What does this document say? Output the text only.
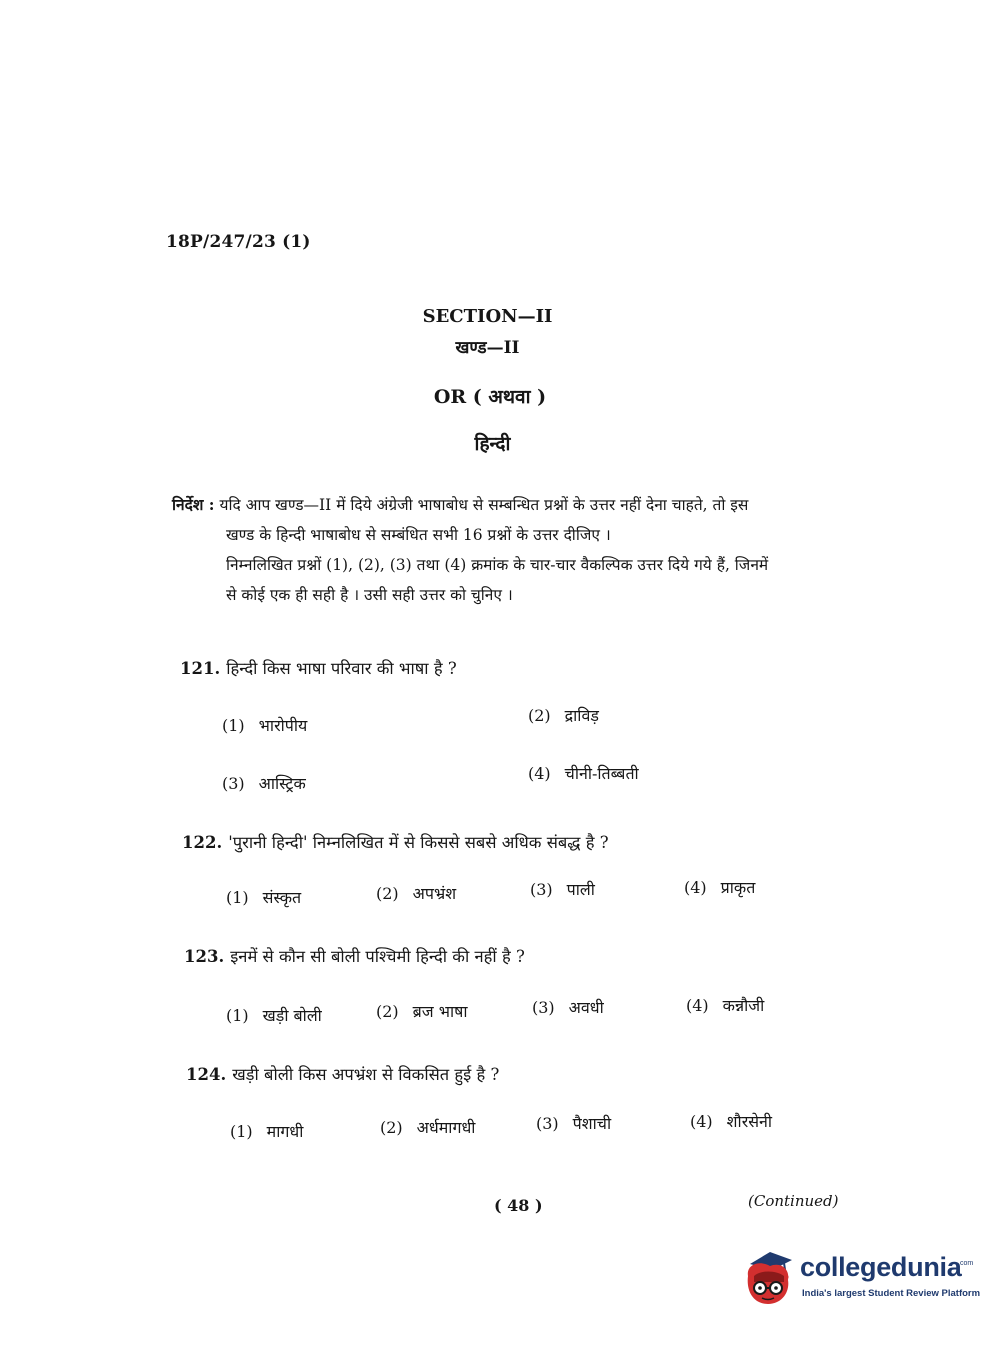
18P/247/23 (1)
SECTION—II
खण्ड—II
OR ( अथवा )
हिन्दी
निर्देश : यदि आप खण्ड—II में दिये अंग्रेजी भाषाबोध से सम्बन्धित प्रश्नों के उत्तर नहीं देना चाहते, तो इस
खण्ड के हिन्दी भाषाबोध से सम्बंधित सभी 16 प्रश्नों के उत्तर दीजिए ।
निम्नलिखित प्रश्नों (1), (2), (3) तथा (4) क्रमांक के चार-चार वैकल्पिक उत्तर दिये गये हैं, जिनमें
से कोई एक ही सही है । उसी सही उत्तर को चुनिए ।
121. हिन्दी किस भाषा परिवार की भाषा है ?
(1) भारोपीय
(2) द्राविड़
(3) आस्ट्रिक
(4) चीनी-तिब्बती
122. 'पुरानी हिन्दी' निम्नलिखित में से किससे सबसे अधिक संबद्ध है ?
(1) संस्कृत	(2) अपभ्रंश	(3) पाली	(4) प्राकृत
123. इनमें से कौन सी बोली पश्चिमी हिन्दी की नहीं है ?
(1) खड़ी बोली	(2) ब्रज भाषा	(3) अवधी	(4) कन्नौजी
124. खड़ी बोली किस अपभ्रंश से विकसित हुई है ?
(1) मागधी	(2) अर्धमागधी	(3) पैशाची	(4) शौरसेनी
( 48 )	(Continued)
collegedunia
.com
India's largest Student Review Platform
